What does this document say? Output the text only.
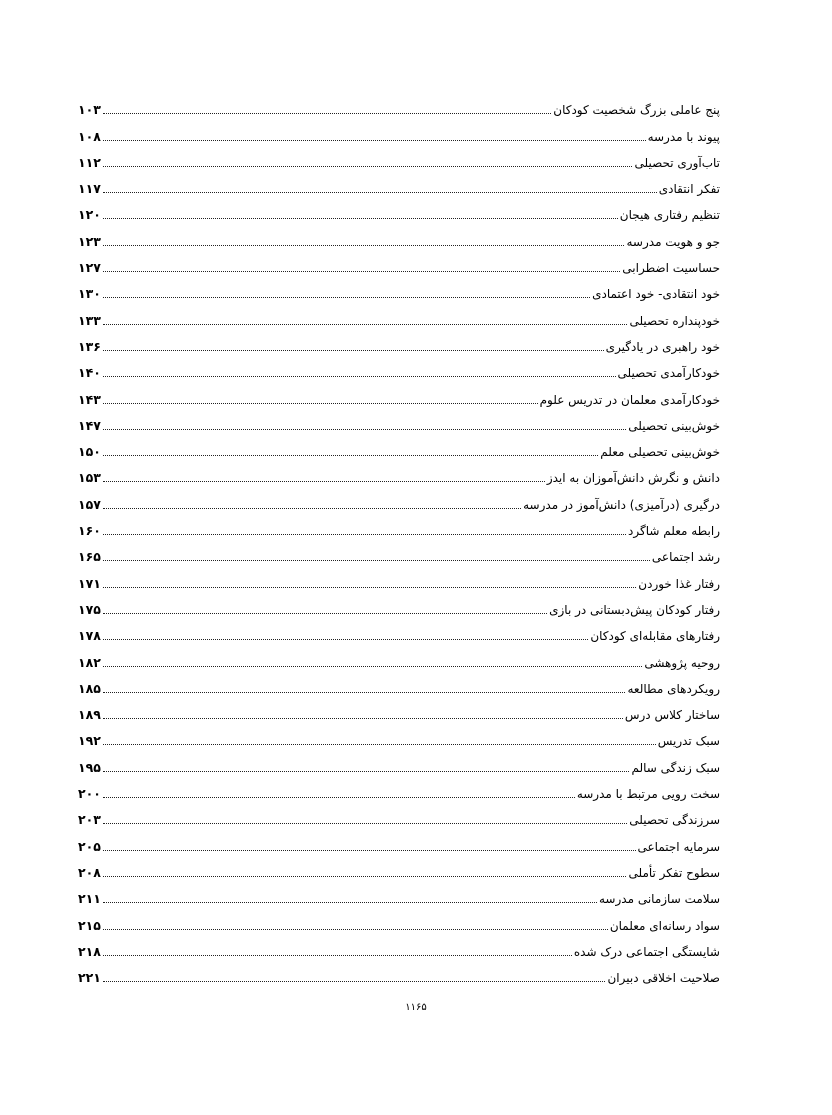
پنج عاملی بزرگ شخصیت کودکان
۱۰۳
پیوند با مدرسه
۱۰۸
تاب‌آوری تحصیلی
۱۱۲
تفکر انتقادی
۱۱۷
تنظیم رفتاری هیجان
۱۲۰
جو و هویت مدرسه
۱۲۳
حساسیت اضطرابی
۱۲۷
خود انتقادی- خود اعتمادی
۱۳۰
خودپنداره تحصیلی
۱۳۳
خود راهبری در یادگیری
۱۳۶
خودکارآمدی تحصیلی
۱۴۰
خودکارآمدی معلمان در تدریس علوم
۱۴۳
خوش‌بینی تحصیلی
۱۴۷
خوش‌بینی تحصیلی معلم
۱۵۰
دانش و نگرش دانش‌آموزان به ایدز
۱۵۳
درگیری (درآمیزی) دانش‌آموز در مدرسه
۱۵۷
رابطه معلم شاگرد
۱۶۰
رشد اجتماعی
۱۶۵
رفتار غذا خوردن
۱۷۱
رفتار کودکان پیش‌دبستانی در بازی
۱۷۵
رفتارهای مقابله‌ای کودکان
۱۷۸
روحیه پژوهشی
۱۸۲
رویکردهای مطالعه
۱۸۵
ساختار کلاس درس
۱۸۹
سبک تدریس
۱۹۲
سبک زندگی سالم
۱۹۵
سخت رویی مرتبط با مدرسه
۲۰۰
سرزندگی تحصیلی
۲۰۳
سرمایه اجتماعی
۲۰۵
سطوح تفکر تأملی
۲۰۸
سلامت سازمانی مدرسه
۲۱۱
سواد رسانه‌ای معلمان
۲۱۵
شایستگی اجتماعی درک شده
۲۱۸
صلاحیت اخلاقی دبیران
۲۲۱
۱۱۶۵
